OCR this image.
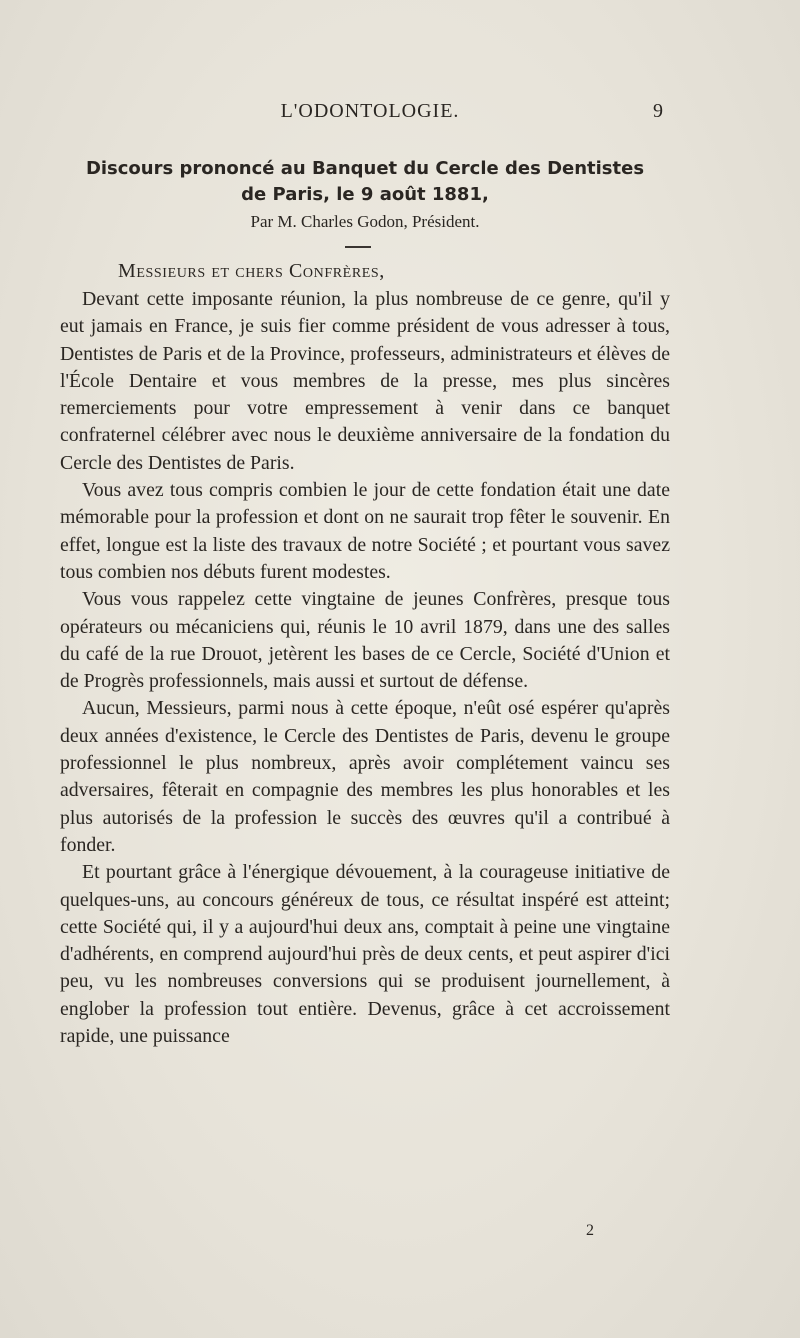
L'ODONTOLOGIE.	9
Discours prononcé au Banquet du Cercle des Dentistes
de Paris, le 9 août 1881,
Par M. Charles Godon, Président.
Messieurs et chers Confrères,

Devant cette imposante réunion, la plus nombreuse de ce genre, qu'il y eut jamais en France, je suis fier comme président de vous adresser à tous, Dentistes de Paris et de la Province, professeurs, administrateurs et élèves de l'École Dentaire et vous membres de la presse, mes plus sincères remerciements pour votre empressement à venir dans ce banquet confraternel célébrer avec nous le deuxième anniversaire de la fondation du Cercle des Dentistes de Paris.

Vous avez tous compris combien le jour de cette fondation était une date mémorable pour la profession et dont on ne saurait trop fêter le souvenir. En effet, longue est la liste des travaux de notre Société ; et pourtant vous savez tous combien nos débuts furent modestes.

Vous vous rappelez cette vingtaine de jeunes Confrères, presque tous opérateurs ou mécaniciens qui, réunis le 10 avril 1879, dans une des salles du café de la rue Drouot, jetèrent les bases de ce Cercle, Société d'Union et de Progrès professionnels, mais aussi et surtout de défense.

Aucun, Messieurs, parmi nous à cette époque, n'eût osé espérer qu'après deux années d'existence, le Cercle des Dentistes de Paris, devenu le groupe professionnel le plus nombreux, après avoir complétement vaincu ses adversaires, fêterait en compagnie des membres les plus honorables et les plus autorisés de la profession le succès des œuvres qu'il a contribué à fonder.

Et pourtant grâce à l'énergique dévouement, à la courageuse initiative de quelques-uns, au concours généreux de tous, ce résultat inspéré est atteint; cette Société qui, il y a aujourd'hui deux ans, comptait à peine une vingtaine d'adhérents, en comprend aujourd'hui près de deux cents, et peut aspirer d'ici peu, vu les nombreuses conversions qui se produisent journellement, à englober la profession tout entière. Devenus, grâce à cet accroissement rapide, une puissance

2
